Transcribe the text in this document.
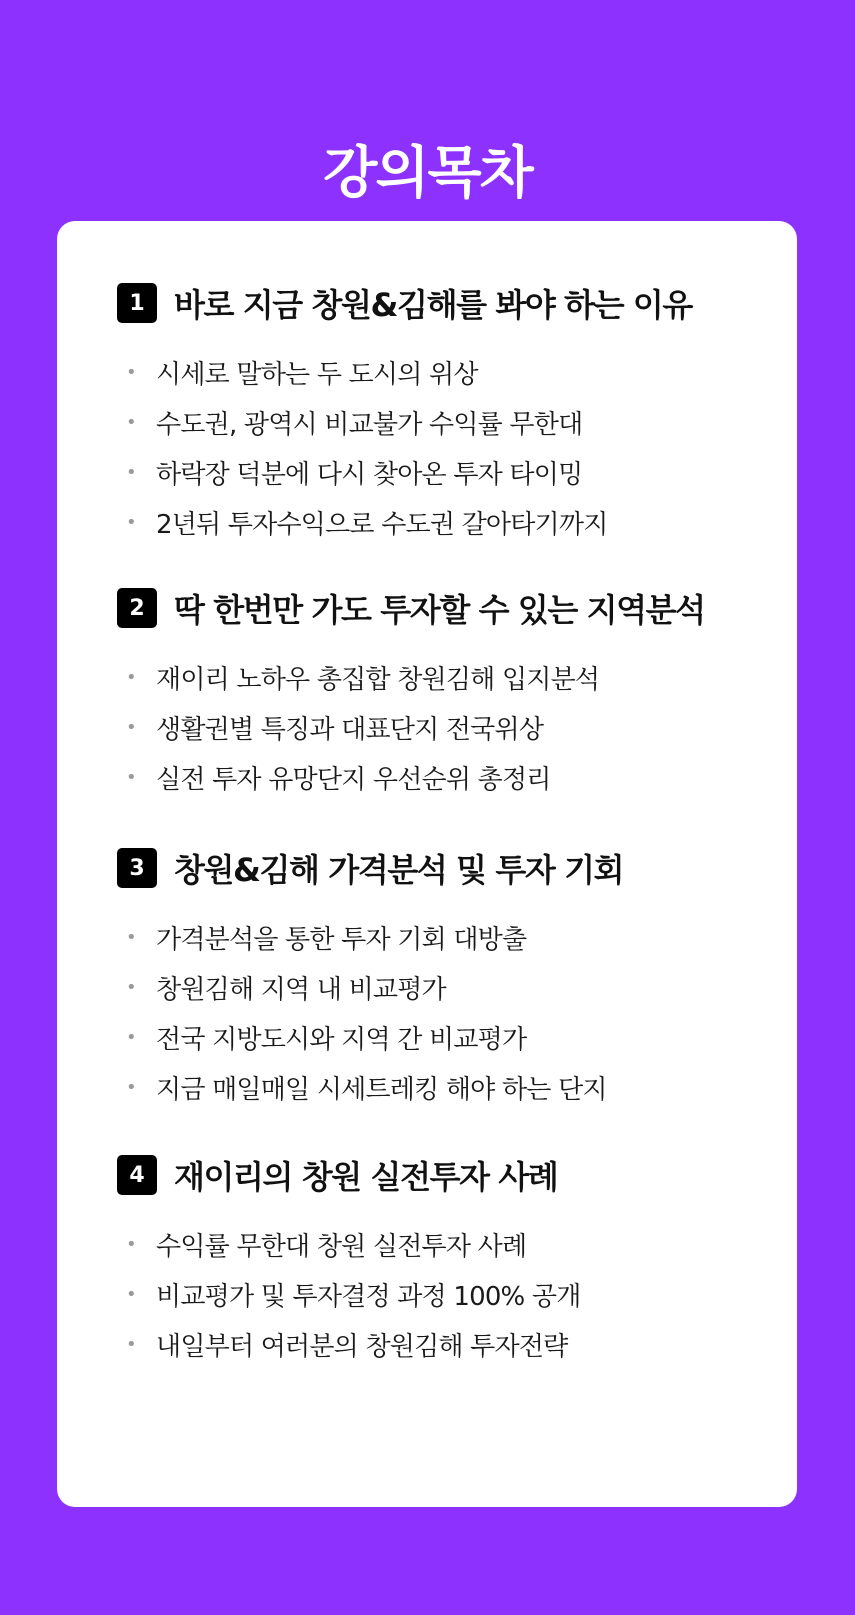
강의목차
1 바로 지금 창원&김해를 봐야 하는 이유
• 시세로 말하는 두 도시의 위상
• 수도권, 광역시 비교불가 수익률 무한대
• 하락장 덕분에 다시 찾아온 투자 타이밍
• 2년뒤 투자수익으로 수도권 갈아타기까지
2 딱 한번만 가도 투자할 수 있는 지역분석
• 재이리 노하우 총집합 창원김해 입지분석
• 생활권별 특징과 대표단지 전국위상
• 실전 투자 유망단지 우선순위 총정리
3 창원&김해 가격분석 및 투자 기회
• 가격분석을 통한 투자 기회 대방출
• 창원김해 지역 내 비교평가
• 전국 지방도시와 지역 간 비교평가
• 지금 매일매일 시세트레킹 해야 하는 단지
4 재이리의 창원 실전투자 사례
• 수익률 무한대 창원 실전투자 사례
• 비교평가 및 투자결정 과정 100% 공개
• 내일부터 여러분의 창원김해 투자전략
